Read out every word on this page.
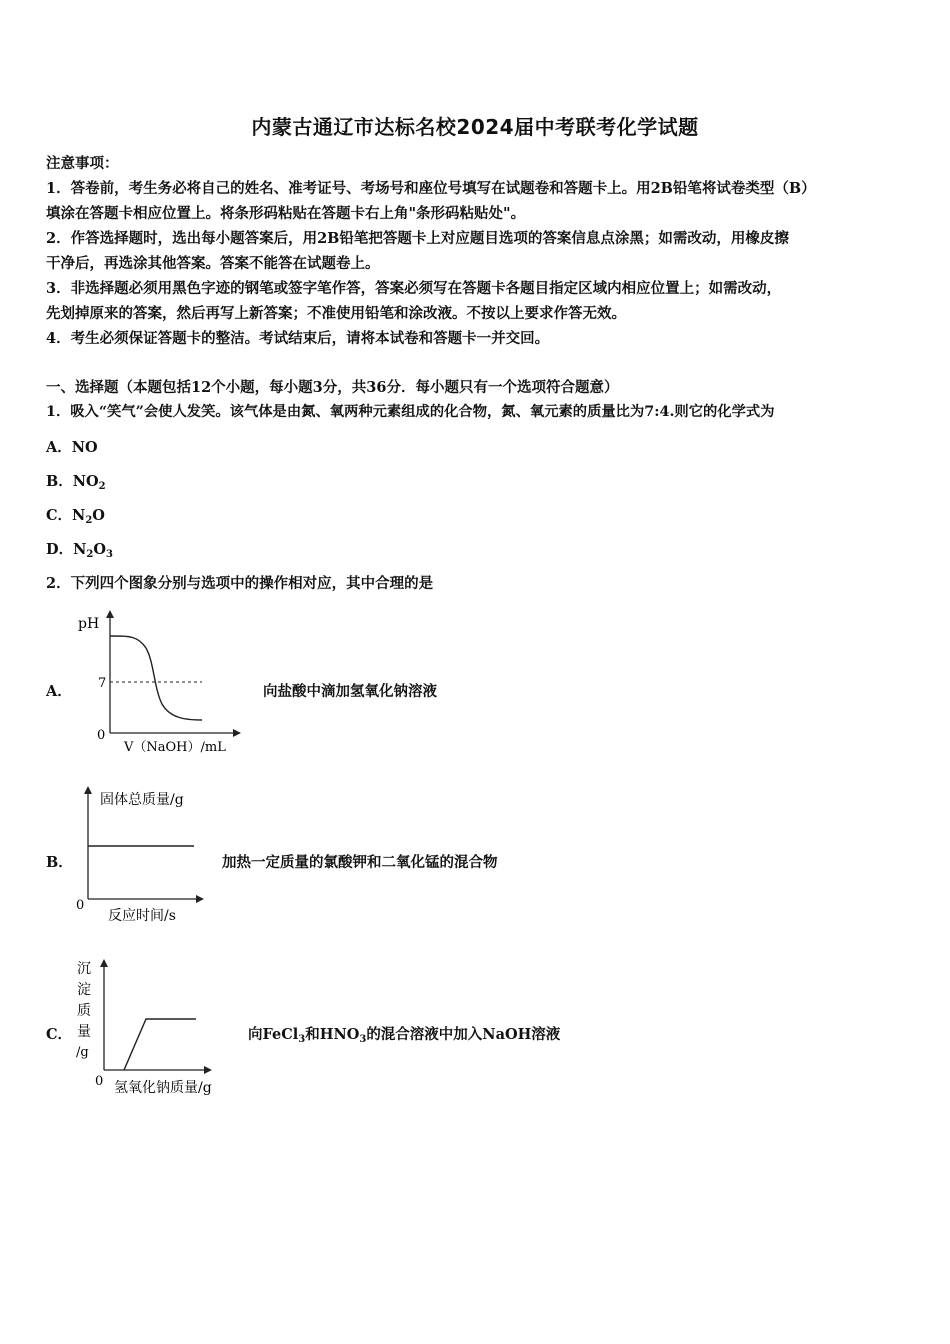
内蒙古通辽市达标名校2024届中考联考化学试题
注意事项：
1．答卷前，考生务必将自己的姓名、准考证号、考场号和座位号填写在试题卷和答题卡上。用2B铅笔将试卷类型（B）
填涂在答题卡相应位置上。将条形码粘贴在答题卡右上角"条形码粘贴处"。
2．作答选择题时，选出每小题答案后，用2B铅笔把答题卡上对应题目选项的答案信息点涂黑；如需改动，用橡皮擦
干净后，再选涂其他答案。答案不能答在试题卷上。
3．非选择题必须用黑色字迹的钢笔或签字笔作答，答案必须写在答题卡各题目指定区域内相应位置上；如需改动，
先划掉原来的答案，然后再写上新答案；不准使用铅笔和涂改液。不按以上要求作答无效。
4．考生必须保证答题卡的整洁。考试结束后，请将本试卷和答题卡一并交回。
一、选择题（本题包括12个小题，每小题3分，共36分．每小题只有一个选项符合题意）
1．吸入“笑气”会使人发笑。该气体是由氮、氧两种元素组成的化合物，氮、氧元素的质量比为7:4.则它的化学式为
A．NO
B．$NO_2$
C．$N_2O$
D．$N_2O_3$
2．下列四个图象分别与选项中的操作相对应，其中合理的是
A．
pH
7
0
V（NaOH）/mL
向盐酸中滴加氢氧化钠溶液
B．
固体总质量/g
0
反应时间/s
加热一定质量的氯酸钾和二氧化锰的混合物
C．
沉
淀
质
量
/g
0 氢氧化钠质量/g
向FeCl$_3$和$HNO_3$的混合溶液中加入NaOH溶液
